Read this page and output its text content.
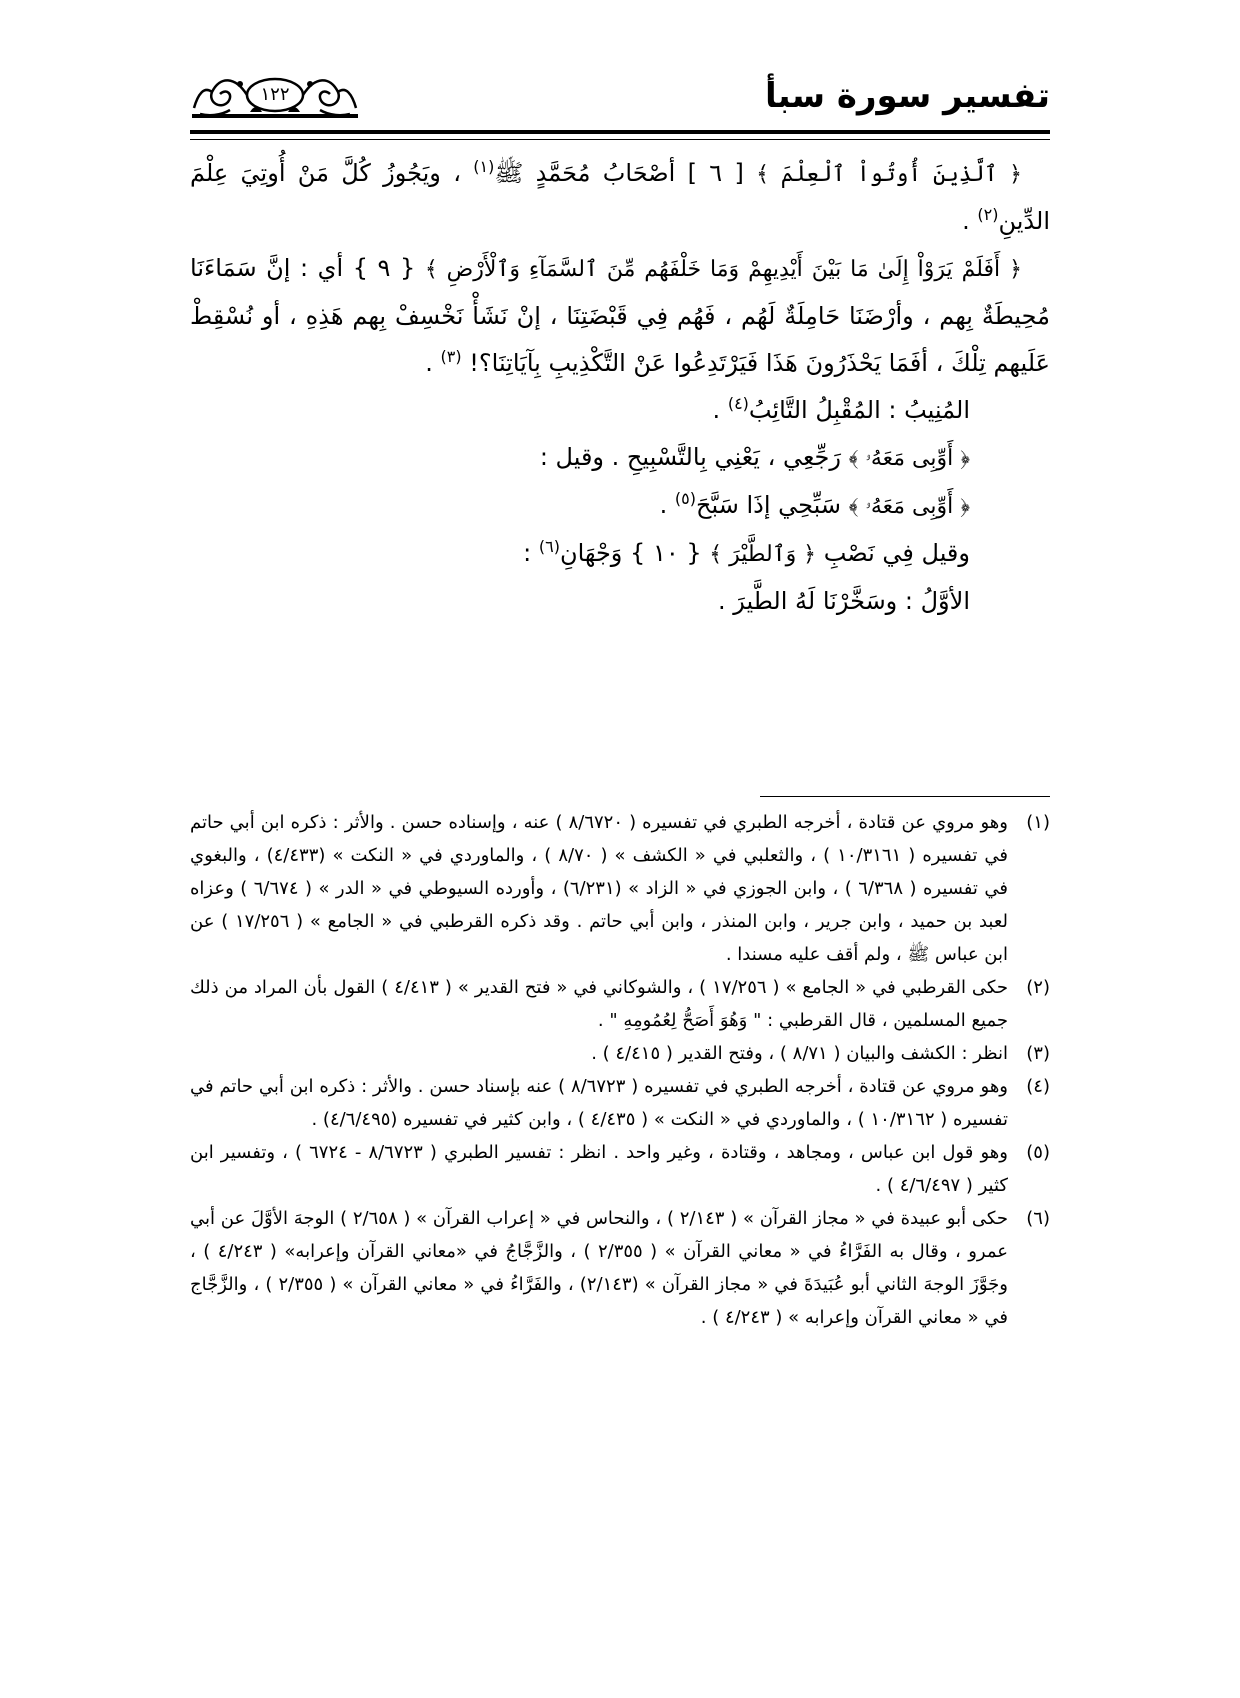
تفسير سورة سبأ
١٢٢

﴿ ٱلَّذِينَ أُوتُواْ ٱلْعِلْمَ ﴾ [ ٦ ] أصْحَابُ مُحَمَّدٍ ﷺ$^{(١)}$ ، ويَجُوزُ كُلَّ مَنْ أُوتِيَ عِلْمَ الدِّينِ$^{(٢)}$ .

﴿ أَفَلَمْ يَرَوْاْ إِلَىٰ مَا بَيْنَ أَيْدِيهِمْ وَمَا خَلْفَهُم مِّنَ ٱلسَّمَآءِ وَٱلْأَرْضِ ﴾ { ٩ } أي : إنَّ سَمَاءَنَا مُحِيطَةٌ بِهم ، وأرْضَنَا حَامِلَةٌ لَهُم ، فَهُم فِي قَبْضَتِنَا ، إنْ نَشَأْ نَخْسِفْ بِهم هَذِهِ ، أو نُسْقِطْ عَلَيهم تِلْكَ ، أفَمَا يَحْذَرُونَ هَذَا فَيَرْتَدِعُوا عَنْ التَّكْذِيبِ بِآيَاتِنَا؟! $^{(٣)}$ .

المُنِيبُ : المُقْبِلُ التَّائِبُ$^{(٤)}$ .

﴿ أَوِّبِى مَعَهُۥ ﴾ رَجِّعِي ، يَعْنِي بِالتَّسْبِيحِ . وقيل :

﴿ أَوِّبِى مَعَهُۥ ﴾ سَبِّحِي إذَا سَبَّحَ$^{(٥)}$ .

وقيل فِي نَصْبِ ﴿ وَٱلطَّيْرَ ﴾ { ١٠ } وَجْهَانِ$^{(٦)}$ :

الأوَّلُ : وسَخَّرْنَا لَهُ الطَّيرَ .

(١)
وهو مروي عن قتادة ، أخرجه الطبري في تفسيره ( ٨/٦٧٢٠ ) عنه ، وإسناده حسن . والأثر : ذكره ابن أبي حاتم في تفسيره ( ١٠/٣١٦١ ) ، والثعلبي في « الكشف » ( ٨/٧٠ ) ، والماوردي في « النكت » (٤/٤٣٣) ، والبغوي في تفسيره ( ٦/٣٦٨ ) ، وابن الجوزي في « الزاد » (٦/٢٣١) ، وأورده السيوطي في « الدر » ( ٦/٦٧٤ ) وعزاه لعبد بن حميد ، وابن جرير ، وابن المنذر ، وابن أبي حاتم . وقد ذكره القرطبي في « الجامع » ( ١٧/٢٥٦ ) عن ابن عباس ﷺ ، ولم أقف عليه مسندا .
(٢)
حكى القرطبي في « الجامع » ( ١٧/٢٥٦ ) ، والشوكاني في « فتح القدير » ( ٤/٤١٣ ) القول بأن المراد من ذلك جميع المسلمين ، قال القرطبي : " وَهُوَ أَصَحُّ لِعُمُومِهِ " .
(٣)
انظر : الكشف والبيان ( ٨/٧١ ) ، وفتح القدير ( ٤/٤١٥ ) .
(٤)
وهو مروي عن قتادة ، أخرجه الطبري في تفسيره ( ٨/٦٧٢٣ ) عنه بإسناد حسن . والأثر : ذكره ابن أبي حاتم في تفسيره ( ١٠/٣١٦٢ ) ، والماوردي في « النكت » ( ٤/٤٣٥ ) ، وابن كثير في تفسيره (٤/٦/٤٩٥) .
(٥)
وهو قول ابن عباس ، ومجاهد ، وقتادة ، وغير واحد . انظر : تفسير الطبري ( ٨/٦٧٢٣ - ٦٧٢٤ ) ، وتفسير ابن كثير ( ٤/٦/٤٩٧ ) .
(٦)
حكى أبو عبيدة في « مجاز القرآن » ( ٢/١٤٣ ) ، والنحاس في « إعراب القرآن » ( ٢/٦٥٨ ) الوجهَ الأوَّلَ عن أبي عمرو ، وقال به الفَرَّاءُ في « معاني القرآن » ( ٢/٣٥٥ ) ، والزَّجَّاجُ في «معاني القرآن وإعرابه» ( ٤/٢٤٣ ) ، وجَوَّزَ الوجهَ الثاني أبو عُبَيدَةَ في « مجاز القرآن » (٢/١٤٣) ، والفَرَّاءُ في « معاني القرآن » ( ٢/٣٥٥ ) ، والزَّجَّاج في « معاني القرآن وإعرابه » ( ٤/٢٤٣ ) .
